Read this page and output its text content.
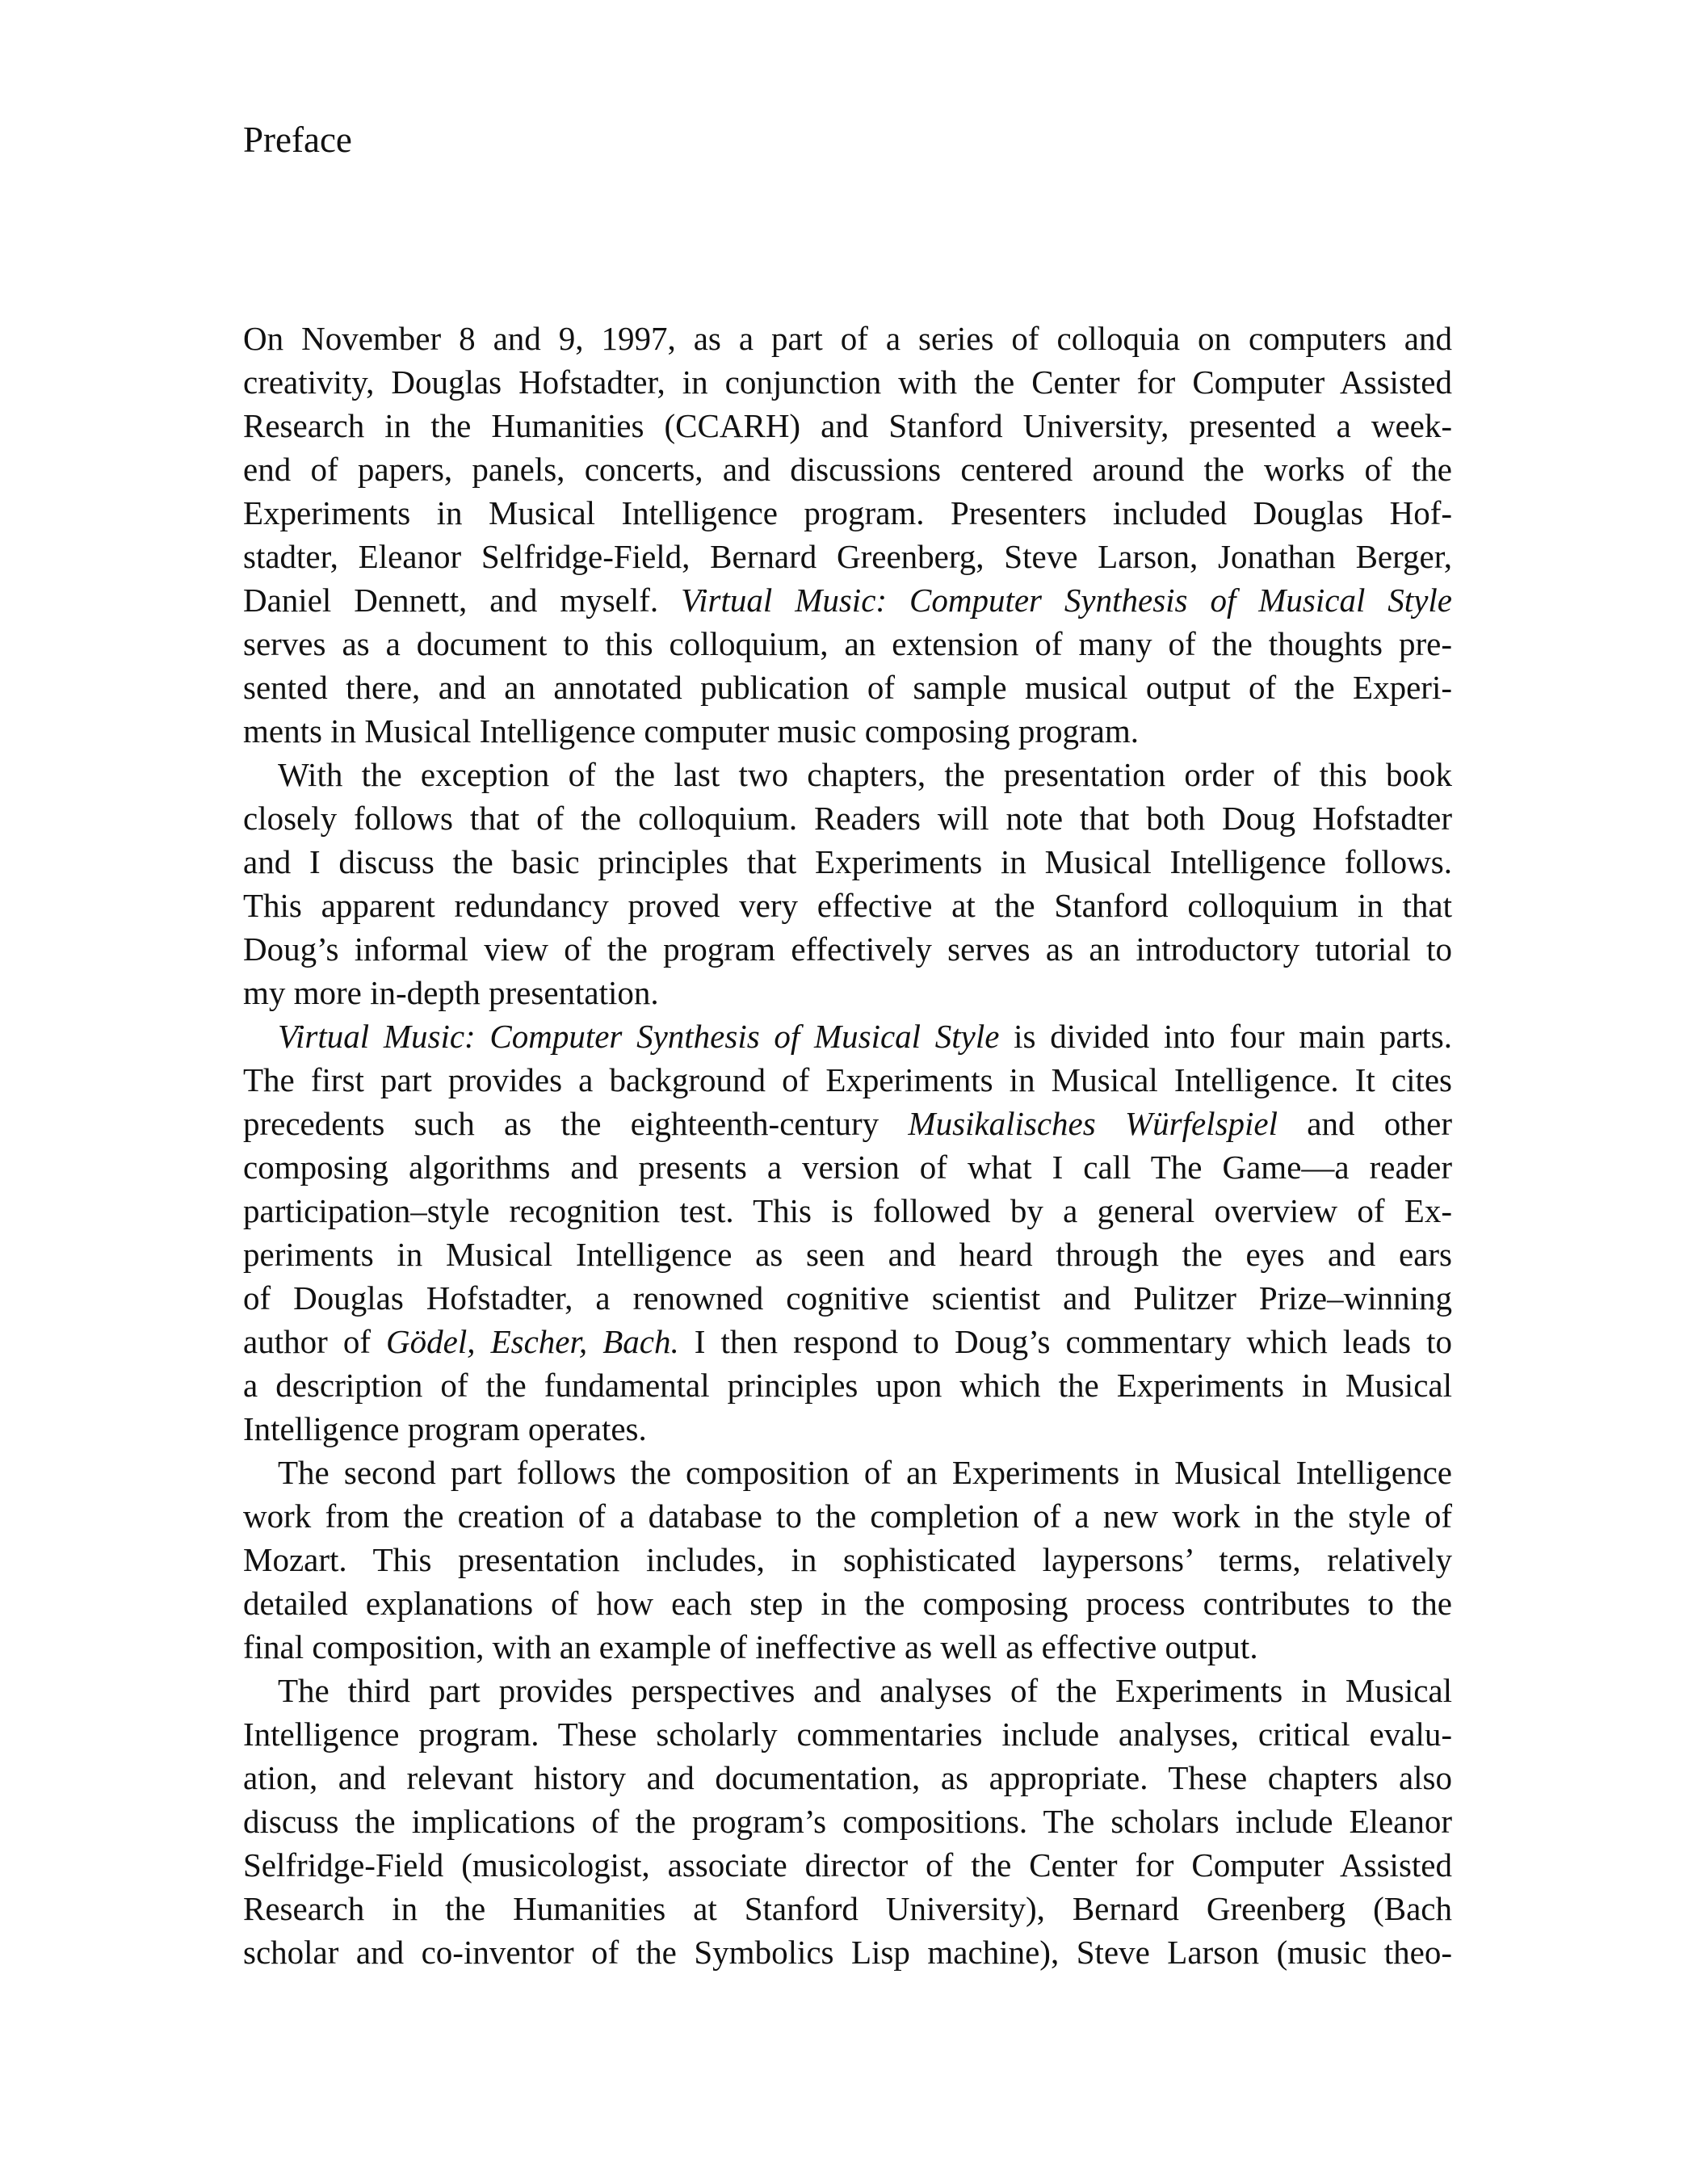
Preface
On November 8 and 9, 1997, as a part of a series of colloquia on computers and
creativity, Douglas Hofstadter, in conjunction with the Center for Computer Assisted
Research in the Humanities (CCARH) and Stanford University, presented a week-
end of papers, panels, concerts, and discussions centered around the works of the
Experiments in Musical Intelligence program. Presenters included Douglas Hof-
stadter, Eleanor Selfridge-Field, Bernard Greenberg, Steve Larson, Jonathan Berger,
Daniel Dennett, and myself. Virtual Music: Computer Synthesis of Musical Style
serves as a document to this colloquium, an extension of many of the thoughts pre-
sented there, and an annotated publication of sample musical output of the Experi-
ments in Musical Intelligence computer music composing program.
With the exception of the last two chapters, the presentation order of this book
closely follows that of the colloquium. Readers will note that both Doug Hofstadter
and I discuss the basic principles that Experiments in Musical Intelligence follows.
This apparent redundancy proved very effective at the Stanford colloquium in that
Doug’s informal view of the program effectively serves as an introductory tutorial to
my more in-depth presentation.
Virtual Music: Computer Synthesis of Musical Style is divided into four main parts.
The first part provides a background of Experiments in Musical Intelligence. It cites
precedents such as the eighteenth-century Musikalisches Würfelspiel and other
composing algorithms and presents a version of what I call The Game—a reader
participation–style recognition test. This is followed by a general overview of Ex-
periments in Musical Intelligence as seen and heard through the eyes and ears
of Douglas Hofstadter, a renowned cognitive scientist and Pulitzer Prize–winning
author of Gödel, Escher, Bach. I then respond to Doug’s commentary which leads to
a description of the fundamental principles upon which the Experiments in Musical
Intelligence program operates.
The second part follows the composition of an Experiments in Musical Intelligence
work from the creation of a database to the completion of a new work in the style of
Mozart. This presentation includes, in sophisticated laypersons’ terms, relatively
detailed explanations of how each step in the composing process contributes to the
final composition, with an example of ineffective as well as effective output.
The third part provides perspectives and analyses of the Experiments in Musical
Intelligence program. These scholarly commentaries include analyses, critical evalu-
ation, and relevant history and documentation, as appropriate. These chapters also
discuss the implications of the program’s compositions. The scholars include Eleanor
Selfridge-Field (musicologist, associate director of the Center for Computer Assisted
Research in the Humanities at Stanford University), Bernard Greenberg (Bach
scholar and co-inventor of the Symbolics Lisp machine), Steve Larson (music theo-
